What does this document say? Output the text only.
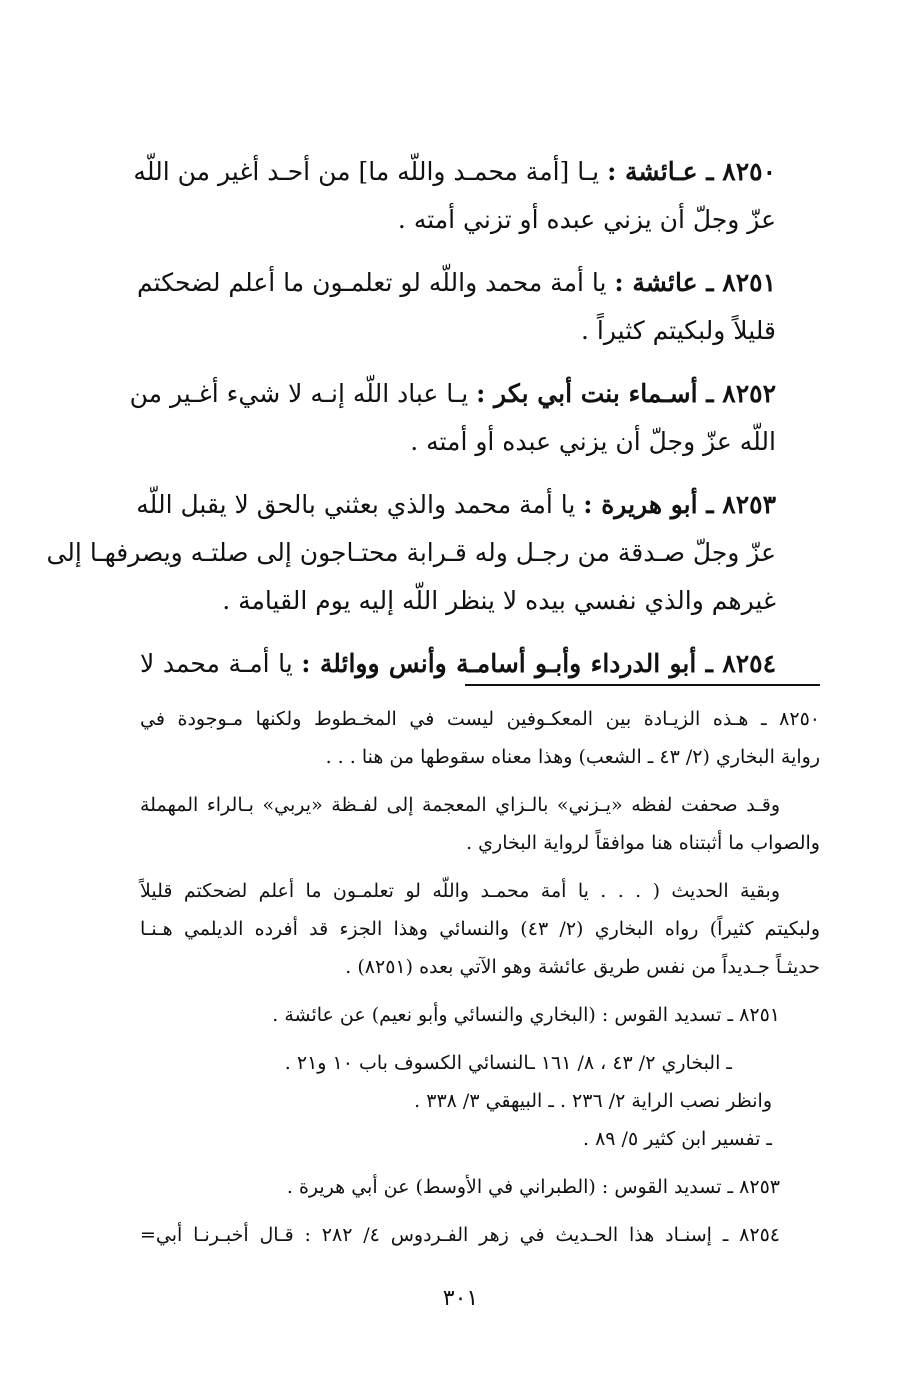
٨٢٥٠ ـ عـائشة : يـا [أمة محمـد واللّه ما] من أحـد أغير من اللّه
عزّ وجلّ أن يزني عبده أو تزني أمته .
٨٢٥١ ـ عائشة : يا أمة محمد واللّه لو تعلمـون ما أعلم لضحكتم
قليلاً ولبكيتم كثيراً .
٨٢٥٢ ـ أسـماء بنت أبي بكر : يـا عباد اللّه إنـه لا شيء أغـير من
اللّه عزّ وجلّ أن يزني عبده أو أمته .
٨٢٥٣ ـ أبو هريرة : يا أمة محمد والذي بعثني بالحق لا يقبل اللّه
عزّ وجلّ صـدقة من رجـل وله قـرابة محتـاجون إلى صلتـه ويصرفهـا إلى
غيرهم والذي نفسي بيده لا ينظر اللّه إليه يوم القيامة .
٨٢٥٤ ـ أبو الدرداء وأبـو أسامـة وأنس ووائلة : يا أمـة محمد لا
٨٢٥٠ ـ هـذه الزيـادة بين المعكـوفين ليست في المخـطوط ولكنها مـوجودة في
رواية البخاري (٢/ ٤٣ ـ الشعب) وهذا معناه سقوطها من هنا . . .
وقـد صحفت لفظه «يـزني» بالـزاي المعجمة إلى لفـظة «يربي» بـالراء المهملة
والصواب ما أثبتناه هنا موافقاً لرواية البخاري .
وبقية الحديث ( . . . يا أمة محمـد واللّه لو تعلمـون ما أعلم لضحكتم قليلاً
ولبكيتم كثيراً) رواه البخاري (٢/ ٤٣) والنسائي وهذا الجزء قد أفرده الديلمي هـنـا
حديثـاً جـديداً من نفس طريق عائشة وهو الآتي بعده (٨٢٥١) .
٨٢٥١ ـ تسديد القوس : (البخاري والنسائي وأبو نعيم) عن عائشة .
ـ البخاري ٢/ ٤٣ ، ٨/ ١٦١ ـالنسائي الكسوف باب ١٠ و٢١ .
وانظر نصب الراية ٢/ ٢٣٦ . ـ البيهقي ٣/ ٣٣٨ .
ـ تفسير ابن كثير ٥/ ٨٩ .
٨٢٥٣ ـ تسديد القوس : (الطبراني في الأوسط) عن أبي هريرة .
٨٢٥٤ ـ إسنـاد هذا الحـديث في زهر الفـردوس ٤/ ٢٨٢ : قـال أخبـرنـا أبي=
٣٠١
